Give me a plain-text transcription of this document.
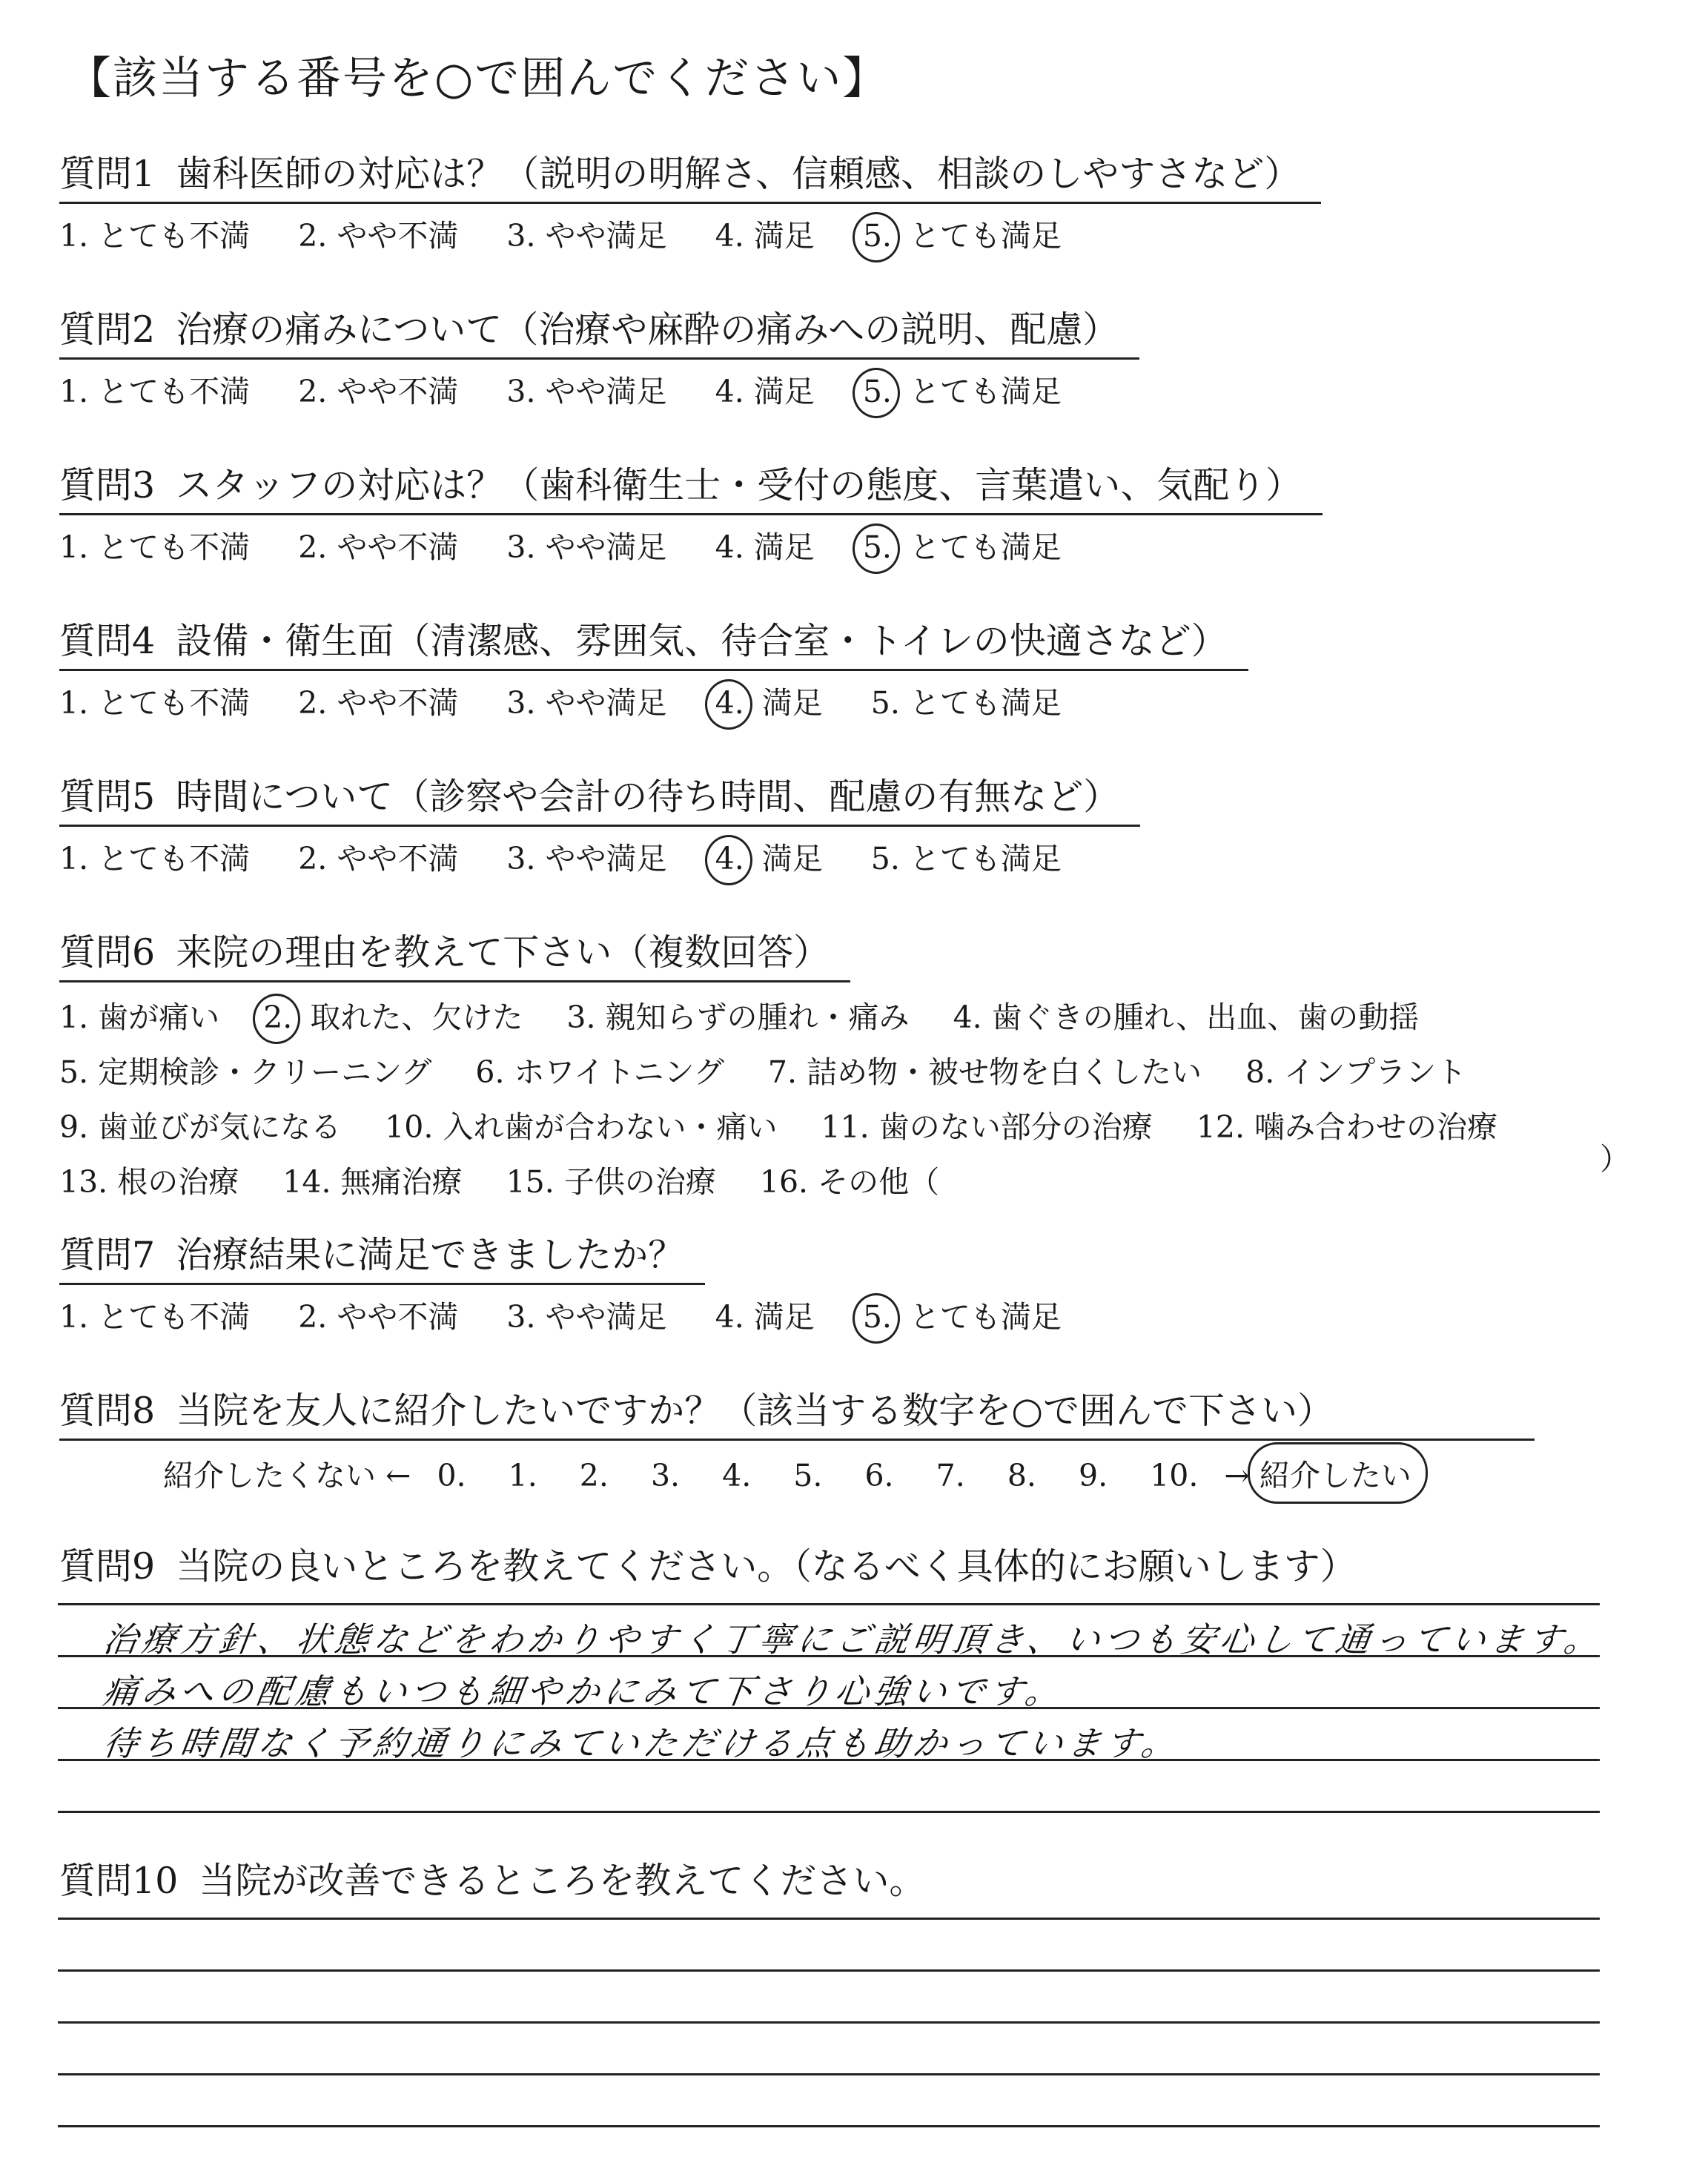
【該当する番号を○で囲んでください】
質問1 歯科医師の対応は？（説明の明解さ、信頼感、相談のしやすさなど）
1. とても不満 2. やや不満 3. やや満足 4. 満足 5. とても満足
質問2 治療の痛みについて（治療や麻酔の痛みへの説明、配慮）
1. とても不満 2. やや不満 3. やや満足 4. 満足 5. とても満足
質問3 スタッフの対応は？（歯科衛生士・受付の態度、言葉遣い、気配り）
1. とても不満 2. やや不満 3. やや満足 4. 満足 5. とても満足
質問4 設備・衛生面（清潔感、雰囲気、待合室・トイレの快適さなど）
1. とても不満 2. やや不満 3. やや満足 4. 満足 5. とても満足
質問5 時間について（診察や会計の待ち時間、配慮の有無など）
1. とても不満 2. やや不満 3. やや満足 4. 満足 5. とても満足
質問6 来院の理由を教えて下さい（複数回答）
1. 歯が痛い 2. 取れた、欠けた 3. 親知らずの腫れ・痛み 4. 歯ぐきの腫れ、出血、歯の動揺
5. 定期検診・クリーニング 6. ホワイトニング 7. 詰め物・被せ物を白くしたい 8. インプラント
9. 歯並びが気になる 10. 入れ歯が合わない・痛い 11. 歯のない部分の治療 12. 噛み合わせの治療
13. 根の治療 14. 無痛治療 15. 子供の治療 16. その他（
）
質問7 治療結果に満足できましたか？
1. とても不満 2. やや不満 3. やや満足 4. 満足 5. とても満足
質問8 当院を友人に紹介したいですか？（該当する数字を○で囲んで下さい）
紹介したくない ← 0. 1. 2. 3. 4. 5. 6. 7. 8. 9. 10. → 紹介したい
質問9 当院の良いところを教えてください。（なるべく具体的にお願いします）
治療方針、状態などをわかりやすく丁寧にご説明頂き、いつも安心して通っています。
痛みへの配慮もいつも細やかにみて下さり心強いです。
待ち時間なく予約通りにみていただける点も助かっています。
質問10 当院が改善できるところを教えてください。
